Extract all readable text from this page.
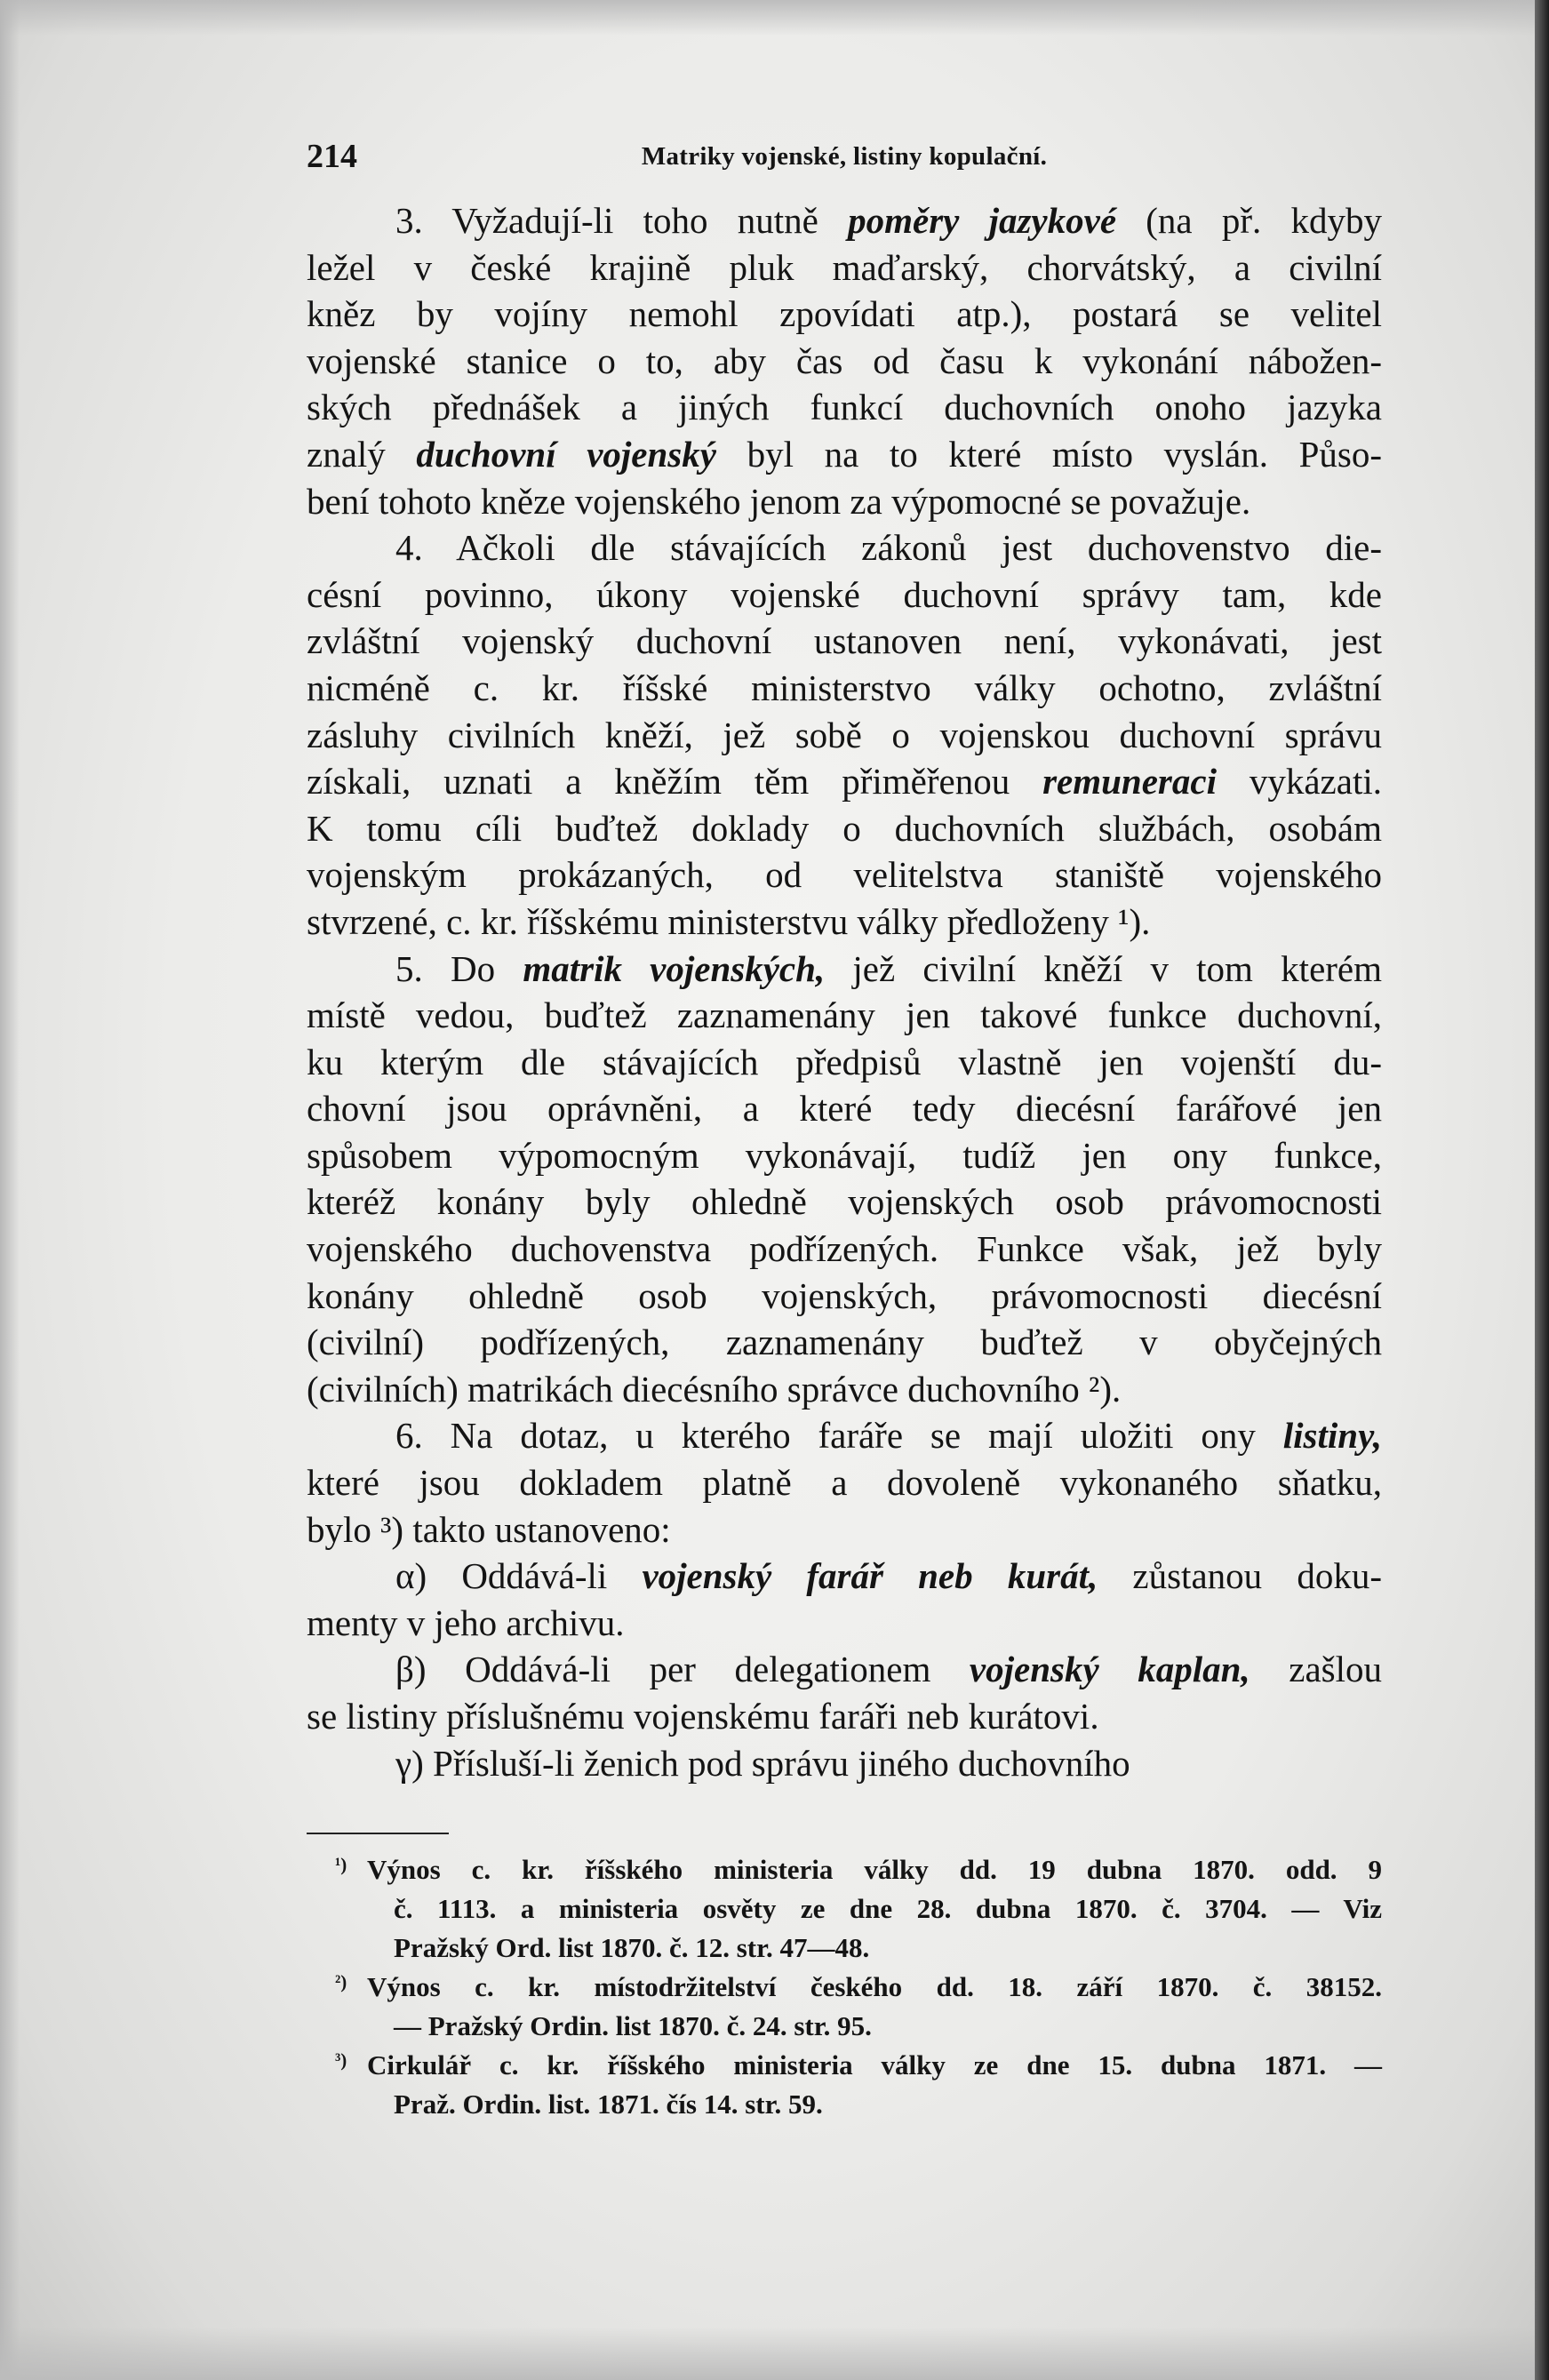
214	Matriky vojenské, listiny kopulační.

3. Vyžadují-li toho nutně poměry jazykové (na př. kdyby
ležel v české krajině pluk maďarský, chorvátský, a civilní
kněz by vojíny nemohl zpovídati atp.), postará se velitel
vojenské stanice o to, aby čas od času k vykonání nábožen-
ských přednášek a jiných funkcí duchovních onoho jazyka
znalý duchovní vojenský byl na to které místo vyslán. Půso-
bení tohoto kněze vojenského jenom za výpomocné se považuje.

4. Ačkoli dle stávajících zákonů jest duchovenstvo die-
césní povinno, úkony vojenské duchovní správy tam, kde
zvláštní vojenský duchovní ustanoven není, vykonávati, jest
nicméně c. kr. říšské ministerstvo války ochotno, zvláštní
zásluhy civilních kněží, jež sobě o vojenskou duchovní správu
získali, uznati a kněžím těm přiměřenou remuneraci vykázati.
K tomu cíli buďtež doklady o duchovních službách, osobám
vojenským prokázaných, od velitelstva staniště vojenského
stvrzené, c. kr. říšskému ministerstvu války předloženy ¹).

5. Do matrik vojenských, jež civilní kněží v tom kterém
místě vedou, buďtež zaznamenány jen takové funkce duchovní,
ku kterým dle stávajících předpisů vlastně jen vojenští du-
chovní jsou oprávněni, a které tedy diecésní farářové jen
spůsobem výpomocným vykonávají, tudíž jen ony funkce,
kteréž konány byly ohledně vojenských osob právomocnosti
vojenského duchovenstva podřízených. Funkce však, jež byly
konány ohledně osob vojenských, právomocnosti diecésní
(civilní) podřízených, zaznamenány buďtež v obyčejných
(civilních) matrikách diecésního správce duchovního ²).

6. Na dotaz, u kterého faráře se mají uložiti ony listiny,
které jsou dokladem platně a dovoleně vykonaného sňatku,
bylo ³) takto ustanoveno:

α) Oddává-li vojenský farář neb kurát, zůstanou doku-
menty v jeho archivu.

β) Oddává-li per delegationem vojenský kaplan, zašlou
se listiny příslušnému vojenskému faráři neb kurátovi.

γ) Přísluší-li ženich pod správu jiného duchovního

¹) Výnos c. kr. říšského ministeria války dd. 19 dubna 1870. odd. 9
č. 1113. a ministeria osvěty ze dne 28. dubna 1870. č. 3704. — Viz
Pražský Ord. list 1870. č. 12. str. 47—48.
²) Výnos c. kr. místodržitelství českého dd. 18. září 1870. č. 38152.
— Pražský Ordin. list 1870. č. 24. str. 95.
³) Cirkulář c. kr. říšského ministeria války ze dne 15. dubna 1871. —
Praž. Ordin. list. 1871. čís 14. str. 59.
